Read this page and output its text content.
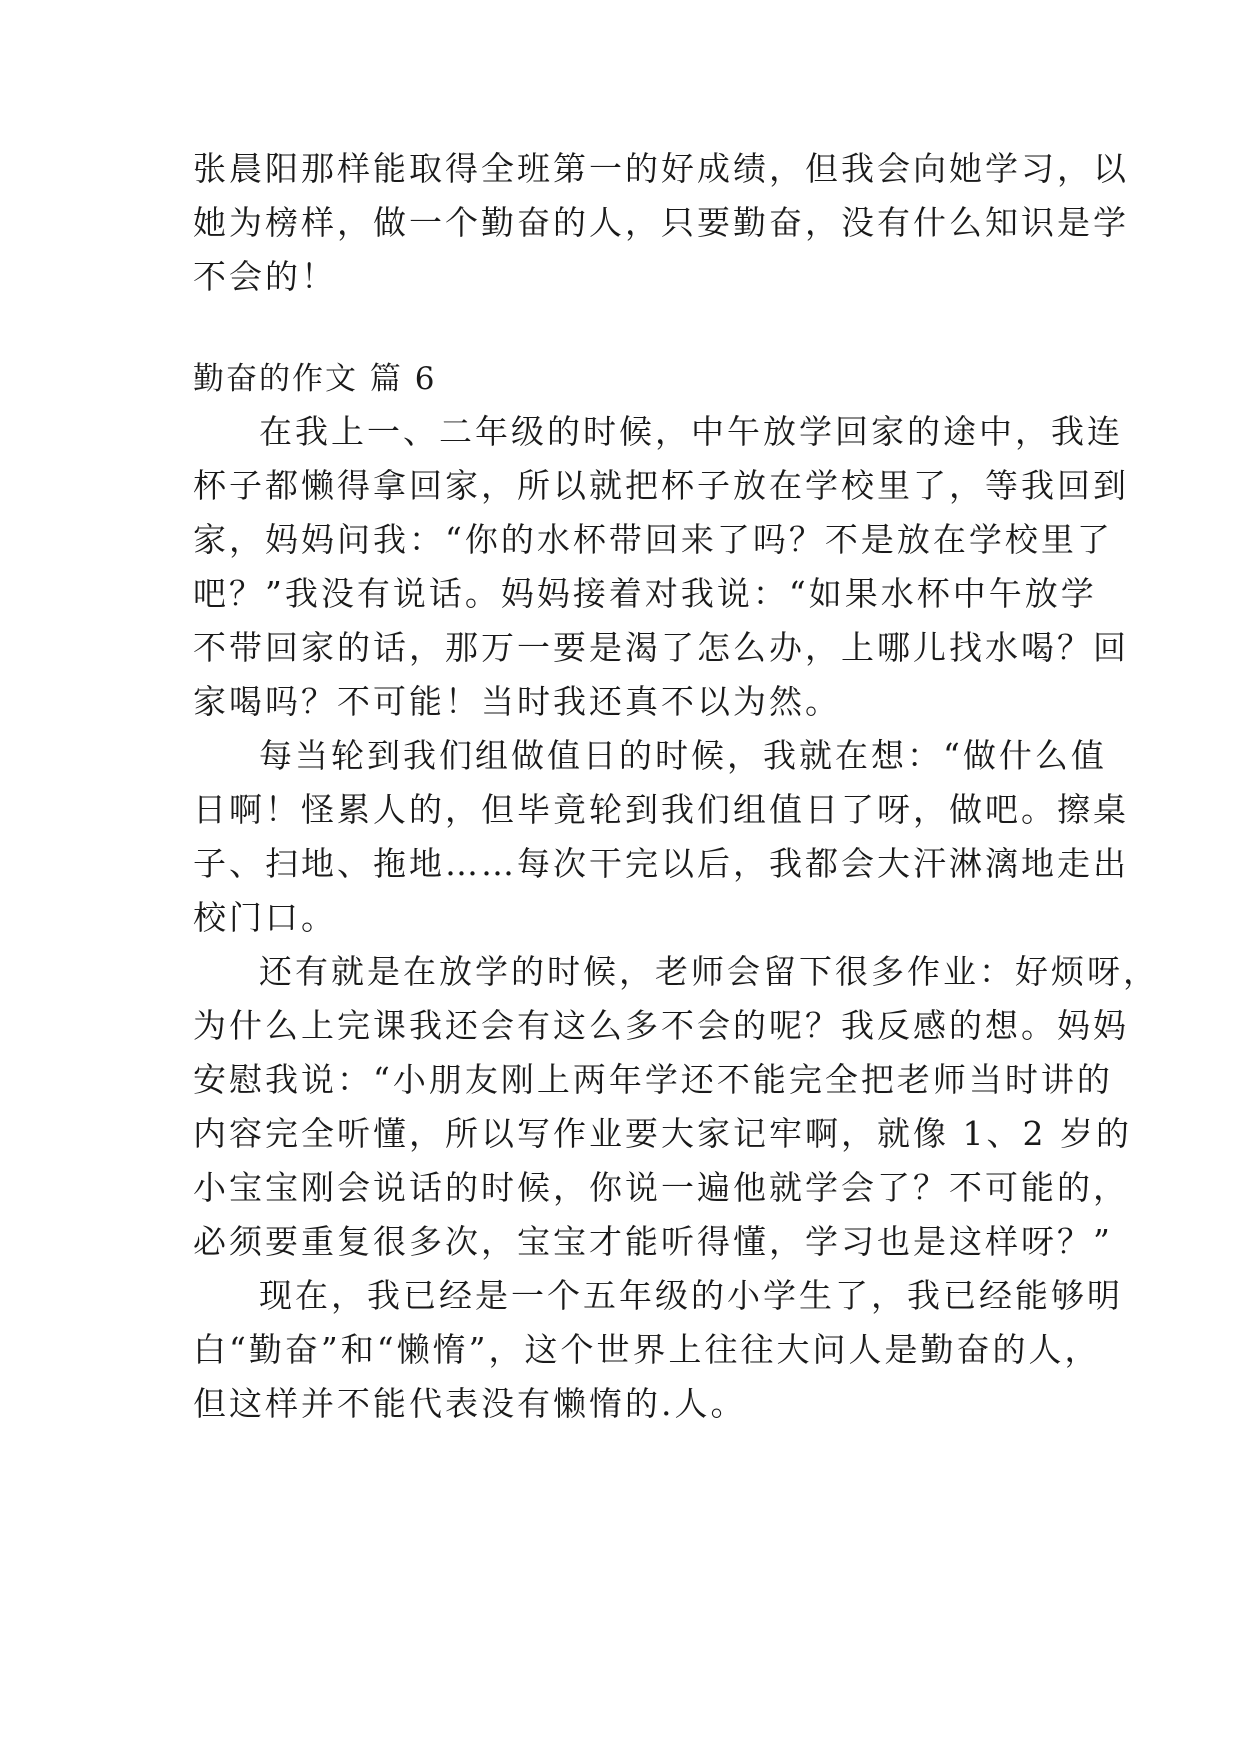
张晨阳那样能取得全班第一的好成绩，但我会向她学习，以
她为榜样，做一个勤奋的人，只要勤奋，没有什么知识是学
不会的！
勤奋的作文 篇 6
在我上一、二年级的时候，中午放学回家的途中，我连
杯子都懒得拿回家，所以就把杯子放在学校里了，等我回到
家，妈妈问我：“你的水杯带回来了吗？不是放在学校里了
吧？”我没有说话。妈妈接着对我说：“如果水杯中午放学
不带回家的话，那万一要是渴了怎么办，上哪儿找水喝？回
家喝吗？不可能！当时我还真不以为然。
每当轮到我们组做值日的时候，我就在想：“做什么值
日啊！怪累人的，但毕竟轮到我们组值日了呀，做吧。擦桌
子、扫地、拖地……每次干完以后，我都会大汗淋漓地走出
校门口。
还有就是在放学的时候，老师会留下很多作业：好烦呀，
为什么上完课我还会有这么多不会的呢？我反感的想。妈妈
安慰我说：“小朋友刚上两年学还不能完全把老师当时讲的
内容完全听懂，所以写作业要大家记牢啊，就像 1、2 岁的
小宝宝刚会说话的时候，你说一遍他就学会了？不可能的，
必须要重复很多次，宝宝才能听得懂，学习也是这样呀？”
现在，我已经是一个五年级的小学生了，我已经能够明
白“勤奋”和“懒惰”，这个世界上往往大问人是勤奋的人，
但这样并不能代表没有懒惰的.人。
